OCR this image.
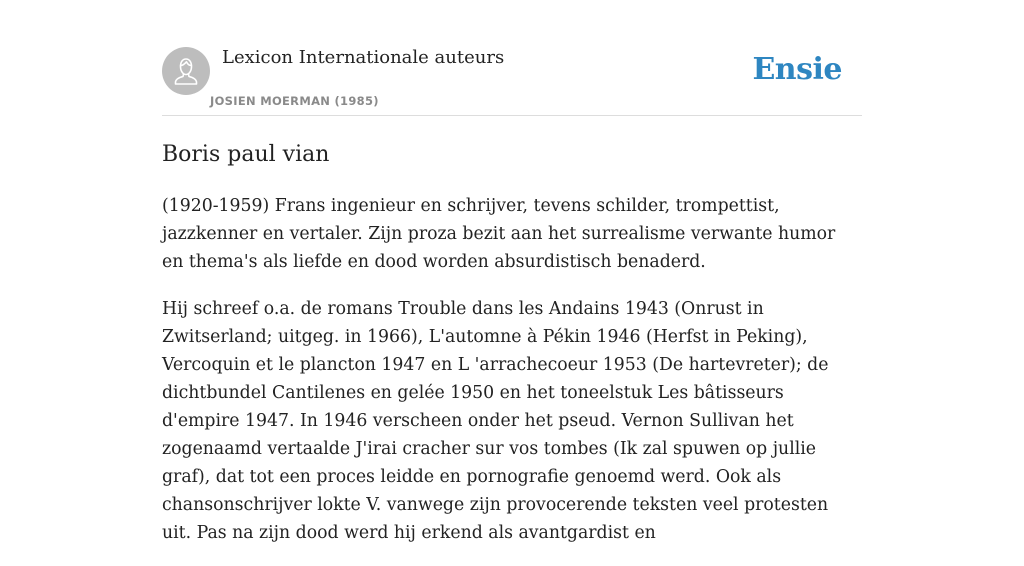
Lexicon Internationale auteurs
JOSIEN MOERMAN (1985)
Ensie
Boris paul vian

(1920-1959) Frans ingenieur en schrijver, tevens schilder, trompettist, jazzkenner en vertaler. Zijn proza bezit aan het surrealisme verwante humor en thema's als liefde en dood worden absurdistisch benaderd.

Hij schreef o.a. de romans Trouble dans les Andains 1943 (Onrust in Zwitserland; uitgeg. in 1966), L'automne à Pékin 1946 (Herfst in Peking), Vercoquin et le plancton 1947 en L 'arrachecoeur 1953 (De hartevreter); de dichtbundel Cantilenes en gelée 1950 en het toneelstuk Les bâtisseurs d'empire 1947. In 1946 verscheen onder het pseud. Vernon Sullivan het zogenaamd vertaalde J'irai cracher sur vos tombes (Ik zal spuwen op jullie graf), dat tot een proces leidde en pornografie genoemd werd. Ook als chansonschrijver lokte V. vanwege zijn provocerende teksten veel protesten uit. Pas na zijn dood werd hij erkend als avantgardist en
